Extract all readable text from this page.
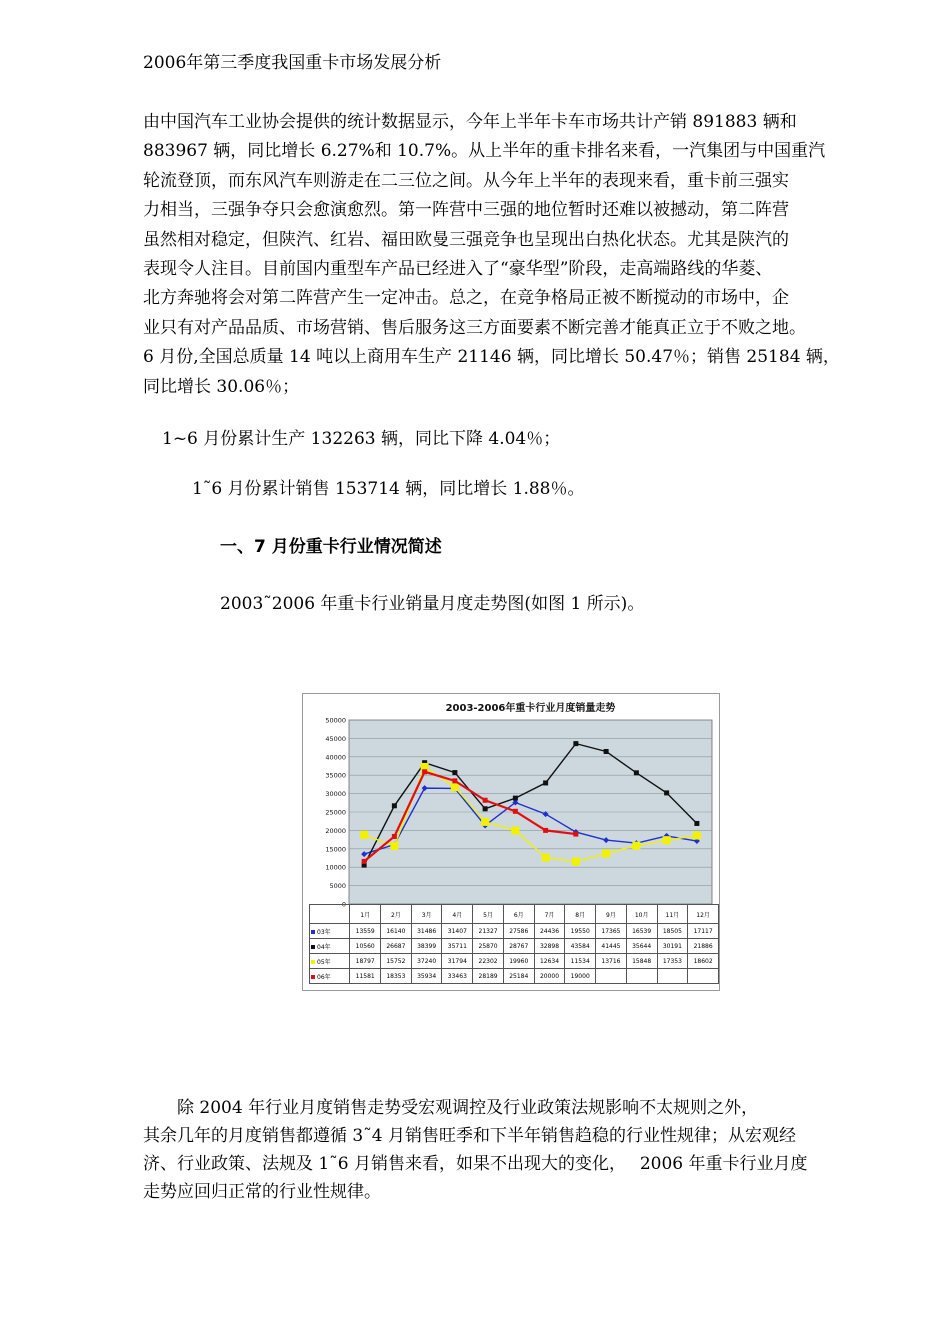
2006年第三季度我国重卡市场发展分析
由中国汽车工业协会提供的统计数据显示，今年上半年卡车市场共计产销 891883 辆和
883967 辆，同比增长 6.27%和 10.7%。从上半年的重卡排名来看，一汽集团与中国重汽
轮流登顶，而东风汽车则游走在二三位之间。从今年上半年的表现来看，重卡前三强实
力相当，三强争夺只会愈演愈烈。第一阵营中三强的地位暂时还难以被撼动，第二阵营
虽然相对稳定，但陕汽、红岩、福田欧曼三强竞争也呈现出白热化状态。尤其是陕汽的
表现令人注目。目前国内重型车产品已经进入了“豪华型”阶段，走高端路线的华菱、
北方奔驰将会对第二阵营产生一定冲击。总之，在竞争格局正被不断搅动的市场中，企
业只有对产品品质、市场营销、售后服务这三方面要素不断完善才能真正立于不败之地。
6 月份,全国总质量 14 吨以上商用车生产 21146 辆，同比增长 50.47％；销售 25184 辆，
同比增长 30.06％；
1~6 月份累计生产 132263 辆，同比下降 4.04％；
1˜6 月份累计销售 153714 辆，同比增长 1.88％。
一、7 月份重卡行业情况简述
2003˜2006 年重卡行业销量月度走势图(如图 1 所示)。
2003-2006年重卡行业月度销量走势
0
5000
10000
15000
20000
25000
30000
35000
40000
45000
50000
	1月	2月	3月	4月	5月	6月	7月	8月	9月	10月	11月	12月
03年	13559	16140	31486	31407	21327	27586	24436	19550	17365	16539	18505	17117
04年	10560	26687	38399	35711	25870	28767	32898	43584	41445	35644	30191	21886
05年	18797	15752	37240	31794	22302	19960	12634	11534	13716	15848	17353	18602
06年	11581	18353	35934	33463	28189	25184	20000	19000				
　　除 2004 年行业月度销售走势受宏观调控及行业政策法规影响不太规则之外，
其余几年的月度销售都遵循 3˜4 月销售旺季和下半年销售趋稳的行业性规律；从宏观经
济、行业政策、法规及 1˜6 月销售来看，如果不出现大的变化，　 2006 年重卡行业月度
走势应回归正常的行业性规律。
